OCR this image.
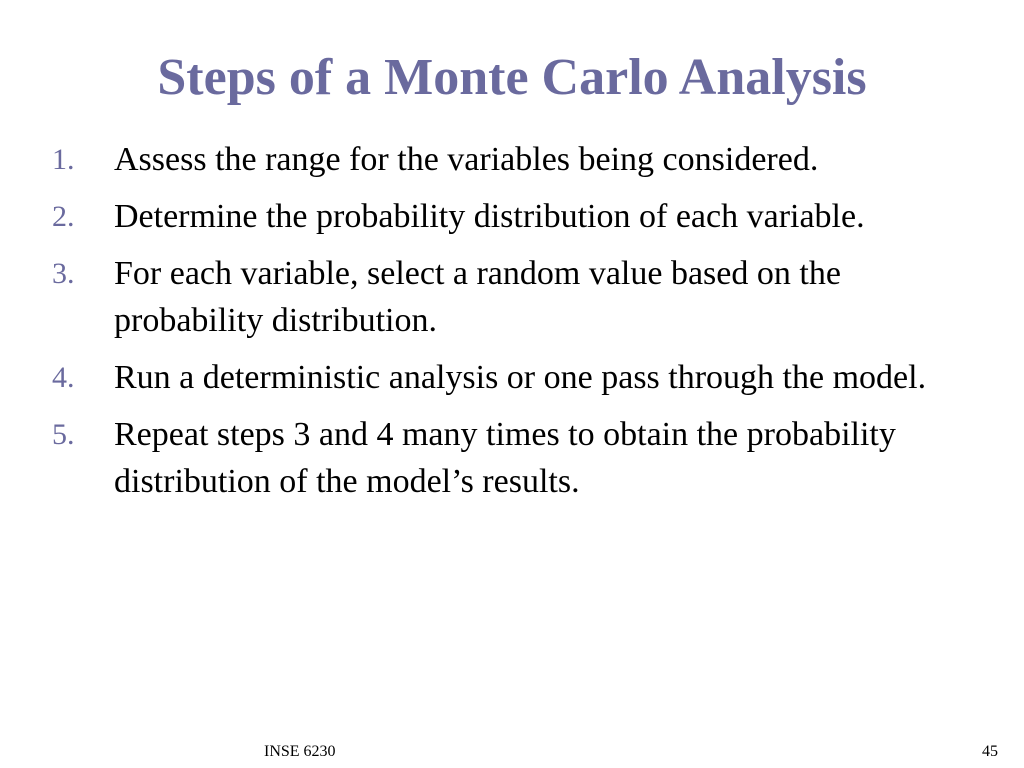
Steps of a Monte Carlo Analysis
1. Assess the range for the variables being considered.
2. Determine the probability distribution of each variable.
3. For each variable, select a random value based on the probability distribution.
4. Run a deterministic analysis or one pass through the model.
5. Repeat steps 3 and 4 many times to obtain the probability distribution of the model’s results.
INSE 6230	45
